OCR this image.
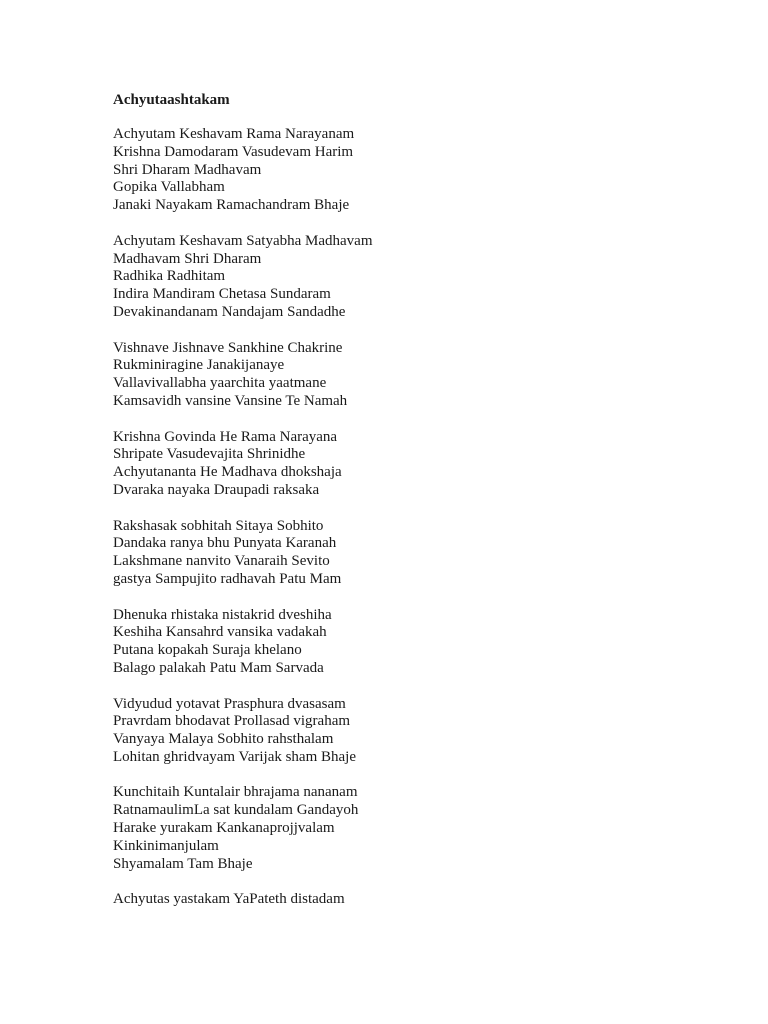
Achyutaashtakam
Achyutam Keshavam Rama Narayanam
Krishna Damodaram Vasudevam Harim
Shri Dharam Madhavam
Gopika Vallabham
Janaki Nayakam Ramachandram Bhaje
Achyutam Keshavam Satyabha Madhavam
Madhavam Shri Dharam
Radhika Radhitam
Indira Mandiram Chetasa Sundaram
Devakinandanam Nandajam Sandadhe
Vishnave Jishnave Sankhine Chakrine
Rukminiragine Janakijanaye
Vallavivallabha yaarchita yaatmane
Kamsavidh vansine Vansine Te Namah
Krishna Govinda He Rama Narayana
Shripate Vasudevajita Shrinidhe
Achyutananta He Madhava dhokshaja
Dvaraka nayaka Draupadi raksaka
Rakshasak sobhitah Sitaya Sobhito
Dandaka ranya bhu Punyata Karanah
Lakshmane nanvito Vanaraih Sevito
gastya Sampujito radhavah Patu Mam
Dhenuka rhistaka nistakrid dveshiha
Keshiha Kansahrd vansika vadakah
Putana kopakah Suraja khelano
Balago palakah Patu Mam Sarvada
Vidyudud yotavat Prasphura dvasasam
Pravrdam bhodavat Prollasad vigraham
Vanyaya Malaya Sobhito rahsthalam
Lohitan ghridvayam Varijak sham Bhaje
Kunchitaih Kuntalair bhrajama nananam
RatnamaulimLa sat kundalam Gandayoh
Harake yurakam Kankanaprojjvalam
Kinkinimanjulam
Shyamalam Tam Bhaje
Achyutas yastakam YaPateth distadam
